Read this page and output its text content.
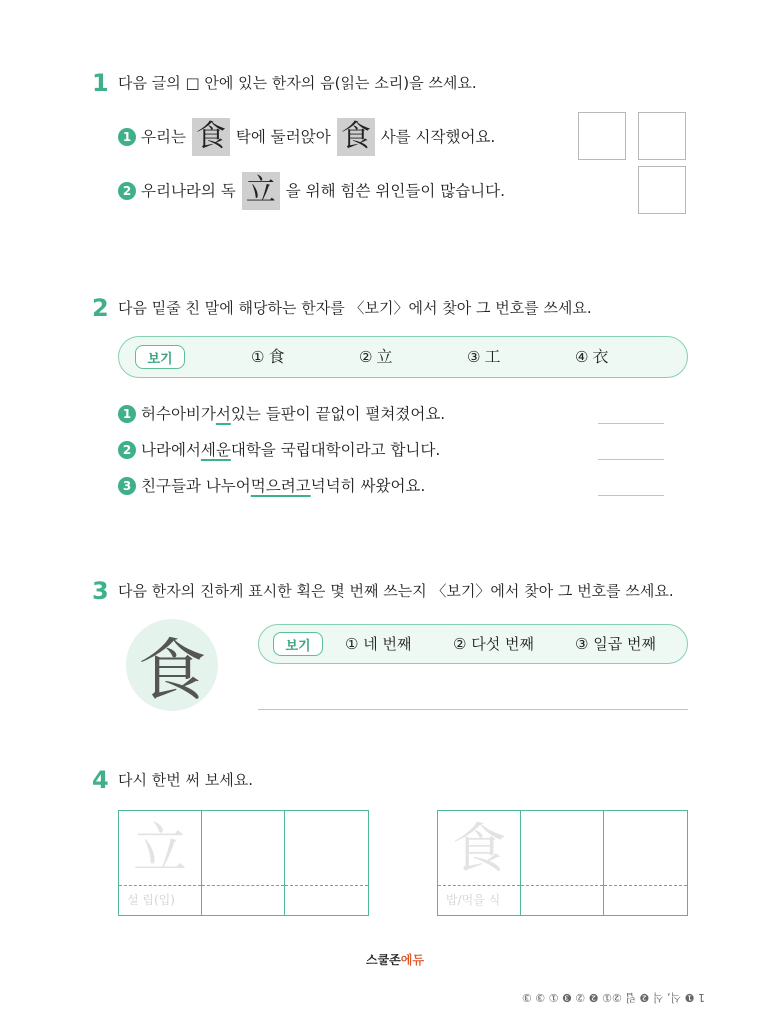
1 다음 글의 □ 안에 있는 한자의 음(읽는 소리)을 쓰세요.
1 우리는 食 탁에 둘러앉아 食 사를 시작했어요.
2 우리나라의 독 立 을 위해 힘쓴 위인들이 많습니다.
2 다음 밑줄 친 말에 해당하는 한자를 〈보기〉에서 찾아 그 번호를 쓰세요.
보기	① 食	② 立	③ 工	④ 衣
1 허수아비가 서 있는 들판이 끝없이 펼쳐졌어요.
2 나라에서 세운 대학을 국립대학이라고 합니다.
3 친구들과 나누어 먹으려고 넉넉히 싸왔어요.
3 다음 한자의 진하게 표시한 획은 몇 번째 쓰는지 〈보기〉에서 찾아 그 번호를 쓰세요.
食	보기	① 네 번째	② 다섯 번째	③ 일곱 번째
4 다시 한번 써 보세요.
立
설 립(입)
食
밥/먹을 식
스쿨존에듀
1 ❶ 식, 식 ❷ 립 ②① ❷ ② ❸ ① ③ ③
